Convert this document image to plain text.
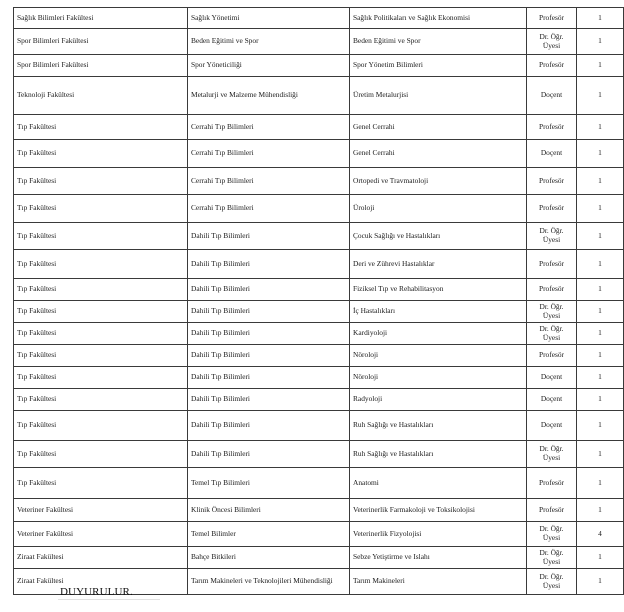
Sağlık Bilimleri Fakültesi	Sağlık Yönetimi	Sağlık Politikaları ve Sağlık Ekonomisi	Profesör	1
Spor Bilimleri Fakültesi	Beden Eğitimi ve Spor	Beden Eğitimi ve Spor	Dr. Öğr. Üyesi	1
Spor Bilimleri Fakültesi	Spor Yöneticiliği	Spor Yönetim Bilimleri	Profesör	1
Teknoloji Fakültesi	Metalurji ve Malzeme Mühendisliği	Üretim Metalurjisi	Doçent	1
Tıp Fakültesi	Cerrahi Tıp Bilimleri	Genel Cerrahi	Profesör	1
Tıp Fakültesi	Cerrahi Tıp Bilimleri	Genel Cerrahi	Doçent	1
Tıp Fakültesi	Cerrahi Tıp Bilimleri	Ortopedi ve Travmatoloji	Profesör	1
Tıp Fakültesi	Cerrahi Tıp Bilimleri	Üroloji	Profesör	1
Tıp Fakültesi	Dahili Tıp Bilimleri	Çocuk Sağlığı ve Hastalıkları	Dr. Öğr. Üyesi	1
Tıp Fakültesi	Dahili Tıp Bilimleri	Deri ve Zührevi Hastalıklar	Profesör	1
Tıp Fakültesi	Dahili Tıp Bilimleri	Fiziksel Tıp ve Rehabilitasyon	Profesör	1
Tıp Fakültesi	Dahili Tıp Bilimleri	İç Hastalıkları	Dr. Öğr. Üyesi	1
Tıp Fakültesi	Dahili Tıp Bilimleri	Kardiyoloji	Dr. Öğr. Üyesi	1
Tıp Fakültesi	Dahili Tıp Bilimleri	Nöroloji	Profesör	1
Tıp Fakültesi	Dahili Tıp Bilimleri	Nöroloji	Doçent	1
Tıp Fakültesi	Dahili Tıp Bilimleri	Radyoloji	Doçent	1
Tıp Fakültesi	Dahili Tıp Bilimleri	Ruh Sağlığı ve Hastalıkları	Doçent	1
Tıp Fakültesi	Dahili Tıp Bilimleri	Ruh Sağlığı ve Hastalıkları	Dr. Öğr. Üyesi	1
Tıp Fakültesi	Temel Tıp Bilimleri	Anatomi	Profesör	1
Veteriner Fakültesi	Klinik Öncesi Bilimleri	Veterinerlik Farmakoloji ve Toksikolojisi	Profesör	1
Veteriner Fakültesi	Temel Bilimler	Veterinerlik Fizyolojisi	Dr. Öğr. Üyesi	4
Ziraat Fakültesi	Bahçe Bitkileri	Sebze Yetiştirme ve Islahı	Dr. Öğr. Üyesi	1
Ziraat Fakültesi	Tarım Makineleri ve Teknolojileri Mühendisliği	Tarım Makineleri	Dr. Öğr. Üyesi	1
DUYURULUR.
